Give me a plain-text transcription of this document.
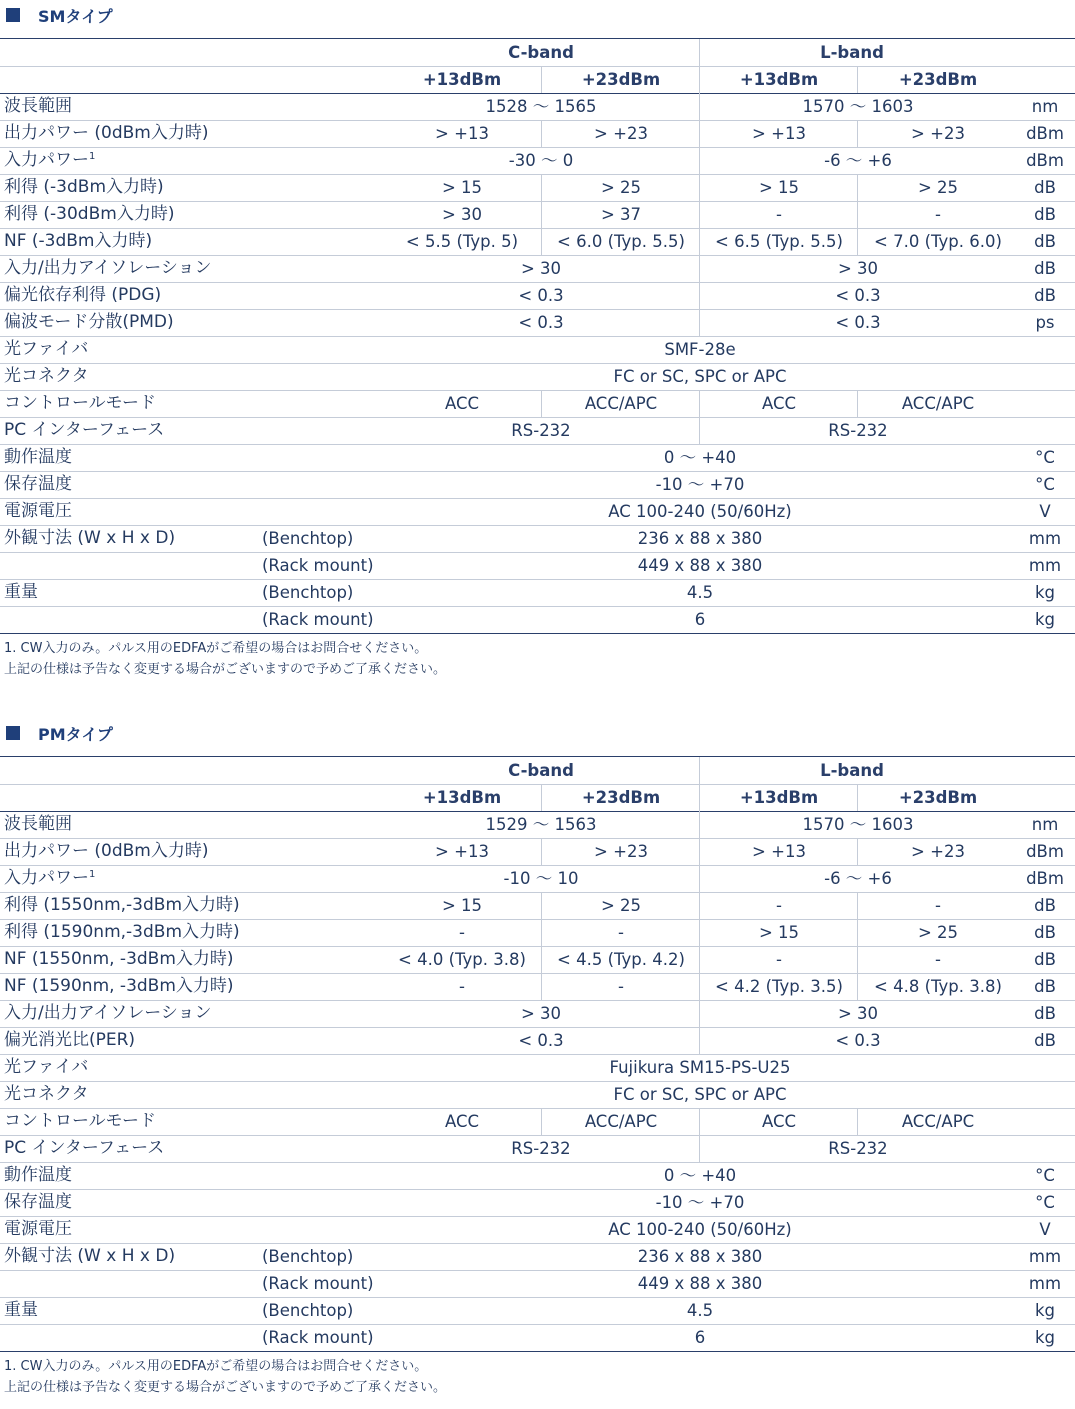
SMタイプ
C-band	L-band
+13dBm	+23dBm	+13dBm	+23dBm
波長範囲	1528 〜 1565	1570 〜 1603	nm
出力パワー (0dBm入力時)	> +13	> +23	> +13	> +23	dBm
入力パワー$^1$	-30 〜 0	-6 〜 +6	dBm
利得 (-3dBm入力時)	> 15	> 25	> 15	> 25	dB
利得 (-30dBm入力時)	> 30	> 37	-	-	dB
NF (-3dBm入力時)	< 5.5 (Typ. 5)	< 6.0 (Typ. 5.5)	< 6.5 (Typ. 5.5)	< 7.0 (Typ. 6.0)	dB
入力/出力アイソレーション	> 30	> 30	dB
偏光依存利得 (PDG)	< 0.3	< 0.3	dB
偏波モード分散(PMD)	< 0.3	< 0.3	ps
光ファイバ	SMF-28e
光コネクタ	FC or SC, SPC or APC
コントロールモード	ACC	ACC/APC	ACC	ACC/APC
PC インターフェース	RS-232	RS-232
動作温度	0 〜 +40	°C
保存温度	-10 〜 +70	°C
電源電圧	AC 100-240 (50/60Hz)	V
外観寸法 (W x H x D)	(Benchtop)	236 x 88 x 380	mm
(Rack mount)	449 x 88 x 380	mm
重量	(Benchtop)	4.5	kg
(Rack mount)	6	kg
1. CW入力のみ。パルス用のEDFAがご希望の場合はお問合せください。
上記の仕様は予告なく変更する場合がございますので予めご了承ください。
PMタイプ
C-band	L-band
+13dBm	+23dBm	+13dBm	+23dBm
波長範囲	1529 〜 1563	1570 〜 1603	nm
出力パワー (0dBm入力時)	> +13	> +23	> +13	> +23	dBm
入力パワー$^1$	-10 〜 10	-6 〜 +6	dBm
利得 (1550nm,-3dBm入力時)	> 15	> 25	-	-	dB
利得 (1590nm,-3dBm入力時)	-	-	> 15	> 25	dB
NF (1550nm, -3dBm入力時)	< 4.0 (Typ. 3.8)	< 4.5 (Typ. 4.2)	-	-	dB
NF (1590nm, -3dBm入力時)	-	-	< 4.2 (Typ. 3.5)	< 4.8 (Typ. 3.8)	dB
入力/出力アイソレーション	> 30	> 30	dB
偏光消光比(PER)	< 0.3	< 0.3	dB
光ファイバ	Fujikura SM15-PS-U25
光コネクタ	FC or SC, SPC or APC
コントロールモード	ACC	ACC/APC	ACC	ACC/APC
PC インターフェース	RS-232	RS-232
動作温度	0 〜 +40	°C
保存温度	-10 〜 +70	°C
電源電圧	AC 100-240 (50/60Hz)	V
外観寸法 (W x H x D)	(Benchtop)	236 x 88 x 380	mm
(Rack mount)	449 x 88 x 380	mm
重量	(Benchtop)	4.5	kg
(Rack mount)	6	kg
1. CW入力のみ。パルス用のEDFAがご希望の場合はお問合せください。
上記の仕様は予告なく変更する場合がございますので予めご了承ください。
